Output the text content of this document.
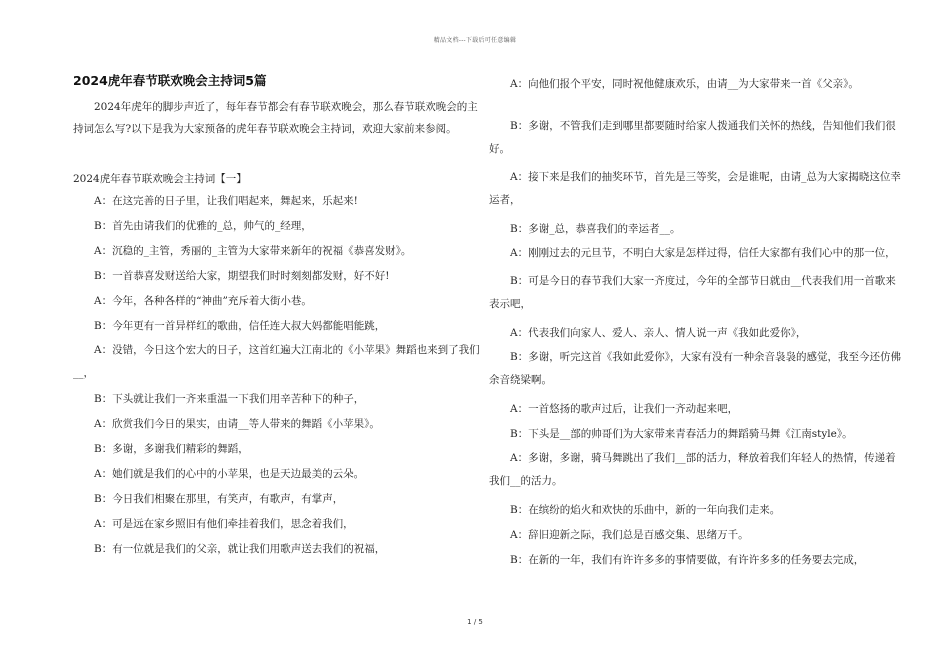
精品文档---下载后可任意编辑
2024虎年春节联欢晚会主持词5篇

2024年虎年的脚步声近了，每年春节都会有春节联欢晚会，那么春节联欢晚会的主持词怎么写?以下是我为大家预备的虎年春节联欢晚会主持词，欢迎大家前来参阅。

2024虎年春节联欢晚会主持词【一】

A：在这完善的日子里，让我们唱起来，舞起来，乐起来!

B：首先由请我们的优雅的_总，帅气的_经理，

A：沉稳的_主管，秀丽的_主管为大家带来新年的祝福《恭喜发财》。

B：一首恭喜发财送给大家，期望我们时时刻刻都发财，好不好!

A：今年，各种各样的“神曲”充斥着大街小巷。

B：今年更有一首异样红的歌曲，信任连大叔大妈都能唱能跳，

A：没错，今日这个宏大的日子，这首红遍大江南北的《小苹果》舞蹈也来到了我们__，

B：下头就让我们一齐来重温一下我们用辛苦种下的种子，

A：欣赏我们今日的果实，由请__等人带来的舞蹈《小苹果》。

B：多谢，多谢我们精彩的舞蹈，

A：她们就是我们的心中的小苹果，也是天边最美的云朵。

B：今日我们相聚在那里，有笑声，有歌声，有掌声，

A：可是远在家乡照旧有他们牵挂着我们，思念着我们，

B：有一位就是我们的父亲，就让我们用歌声送去我们的祝福，

A：向他们报个平安，同时祝他健康欢乐，由请__为大家带来一首《父亲》。

B：多谢，不管我们走到哪里都要随时给家人拨通我们关怀的热线，告知他们我们很好。

A：接下来是我们的抽奖环节，首先是三等奖，会是谁呢，由请_总为大家揭晓这位幸运者，

B：多谢_总，恭喜我们的幸运者__。

A：刚刚过去的元旦节，不明白大家是怎样过得，信任大家都有我们心中的那一位，

B：可是今日的春节我们大家一齐度过，今年的全部节日就由__代表我们用一首歌来表示吧，

A：代表我们向家人、爱人、亲人、情人说一声《我如此爱你》，

B：多谢，听完这首《我如此爱你》，大家有没有一种余音袅袅的感觉，我至今还仿佛余音绕梁啊。

A：一首悠扬的歌声过后，让我们一齐动起来吧，

B：下头是__部的帅哥们为大家带来青春活力的舞蹈骑马舞《江南style》。

A：多谢，多谢，骑马舞跳出了我们__部的活力，释放着我们年轻人的热情，传递着我们__的活力。

B：在缤纷的焰火和欢快的乐曲中，新的一年向我们走来。

A：辞旧迎新之际，我们总是百感交集、思绪万千。

B：在新的一年，我们有许许多多的事情要做，有许许多多的任务要去完成，

1 / 5
